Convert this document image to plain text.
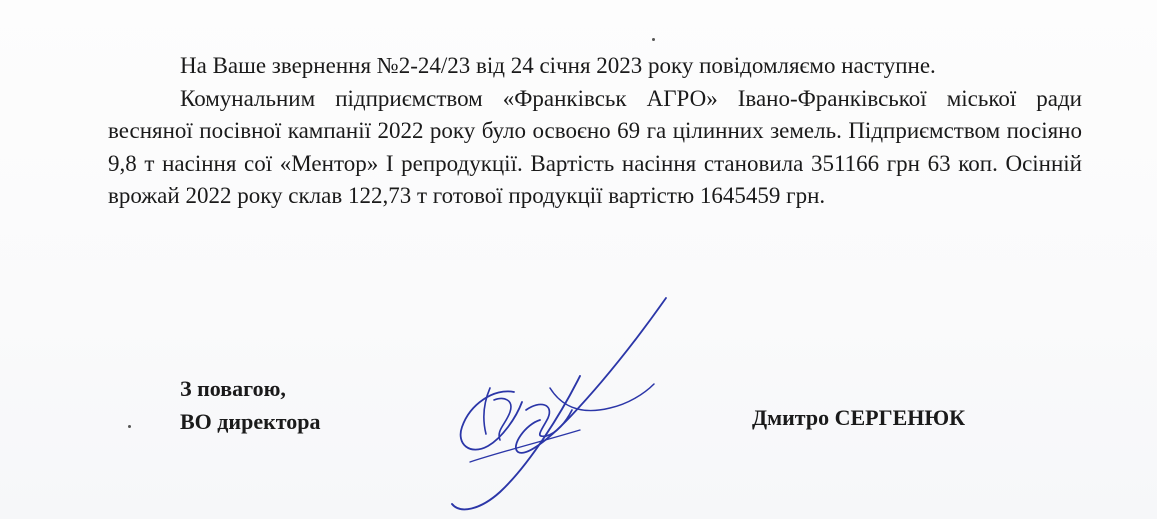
На Ваше звернення №2-24/23 від 24 січня 2023 року повідомляємо наступне.

Комунальним підприємством «Франківськ АГРО» Івано-Франківської міської ради весняної посівної кампанії 2022 року було освоєно 69 га цілинних земель. Підприємством посіяно 9,8 т насіння сої «Ментор» І репродукції. Вартість насіння становила 351166 грн 63 коп. Осінній врожай 2022 року склав 122,73 т готової продукції вартістю 1645459 грн.

З повагою,
ВО директора	Дмитро СЕРГЕНЮК
